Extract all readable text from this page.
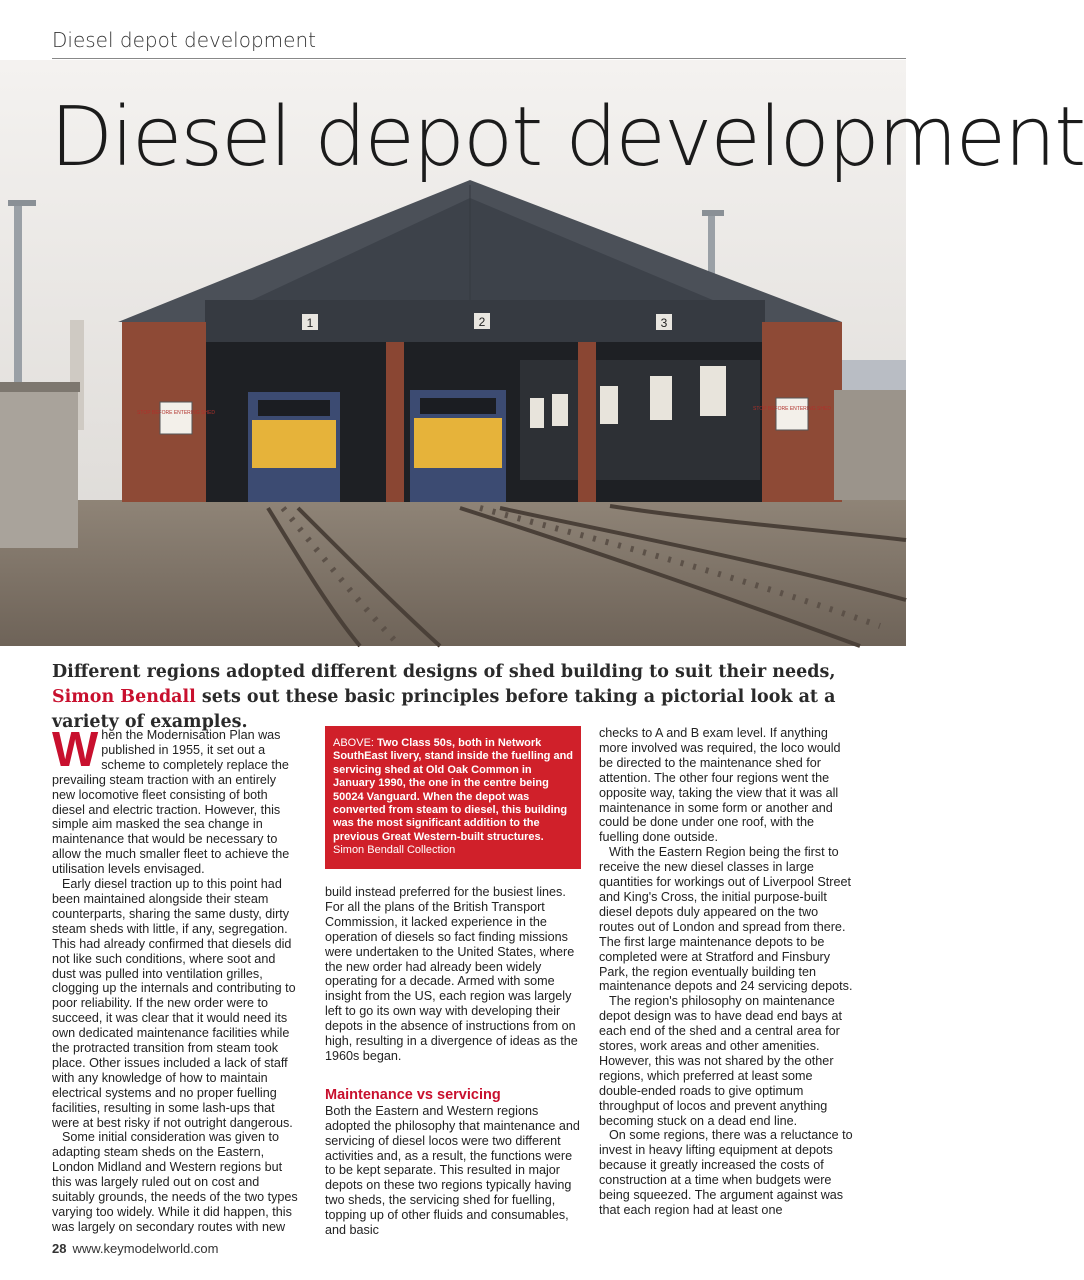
Diesel depot development
1	2	3
STOP BEFORE ENTERING SHED
STOP BEFORE ENTERING SHED
Diesel depot development
Different regions adopted different designs of shed building to suit their needs, Simon Bendall sets out these basic principles before taking a pictorial look at a variety of examples.

When the Modernisation Plan was published in 1955, it set out a scheme to completely replace the prevailing steam traction with an entirely new locomotive fleet consisting of both diesel and electric traction. However, this simple aim masked the sea change in maintenance that would be necessary to allow the much smaller fleet to achieve the utilisation levels envisaged.

Early diesel traction up to this point had been maintained alongside their steam counterparts, sharing the same dusty, dirty steam sheds with little, if any, segregation. This had already confirmed that diesels did not like such conditions, where soot and dust was pulled into ventilation grilles, clogging up the internals and contributing to poor reliability. If the new order were to succeed, it was clear that it would need its own dedicated maintenance facilities while the protracted transition from steam took place. Other issues included a lack of staff with any knowledge of how to maintain electrical systems and no proper fuelling facilities, resulting in some lash-ups that were at best risky if not outright dangerous.

Some initial consideration was given to adapting steam sheds on the Eastern, London Midland and Western regions but this was largely ruled out on cost and suitably grounds, the needs of the two types varying too widely. While it did happen, this was largely on secondary routes with new

ABOVE: Two Class 50s, both in Network SouthEast livery, stand inside the fuelling and servicing shed at Old Oak Common in January 1990, the one in the centre being 50024 Vanguard. When the depot was converted from steam to diesel, this building was the most significant addition to the previous Great Western-built structures.
Simon Bendall Collection

build instead preferred for the busiest lines. For all the plans of the British Transport Commission, it lacked experience in the operation of diesels so fact finding missions were undertaken to the United States, where the new order had already been widely operating for a decade. Armed with some insight from the US, each region was largely left to go its own way with developing their depots in the absence of instructions from on high, resulting in a divergence of ideas as the 1960s began.

Maintenance vs servicing

Both the Eastern and Western regions adopted the philosophy that maintenance and servicing of diesel locos were two different activities and, as a result, the functions were to be kept separate. This resulted in major depots on these two regions typically having two sheds, the servicing shed for fuelling, topping up of other fluids and consumables, and basic

checks to A and B exam level. If anything more involved was required, the loco would be directed to the maintenance shed for attention. The other four regions went the opposite way, taking the view that it was all maintenance in some form or another and could be done under one roof, with the fuelling done outside.

With the Eastern Region being the first to receive the new diesel classes in large quantities for workings out of Liverpool Street and King's Cross, the initial purpose-built diesel depots duly appeared on the two routes out of London and spread from there. The first large maintenance depots to be completed were at Stratford and Finsbury Park, the region eventually building ten maintenance depots and 24 servicing depots.

The region's philosophy on maintenance depot design was to have dead end bays at each end of the shed and a central area for stores, work areas and other amenities. However, this was not shared by the other regions, which preferred at least some double-ended roads to give optimum throughput of locos and prevent anything becoming stuck on a dead end line.

On some regions, there was a reluctance to invest in heavy lifting equipment at depots because it greatly increased the costs of construction at a time when budgets were being squeezed. The argument against was that each region had at least one

28 www.keymodelworld.com
